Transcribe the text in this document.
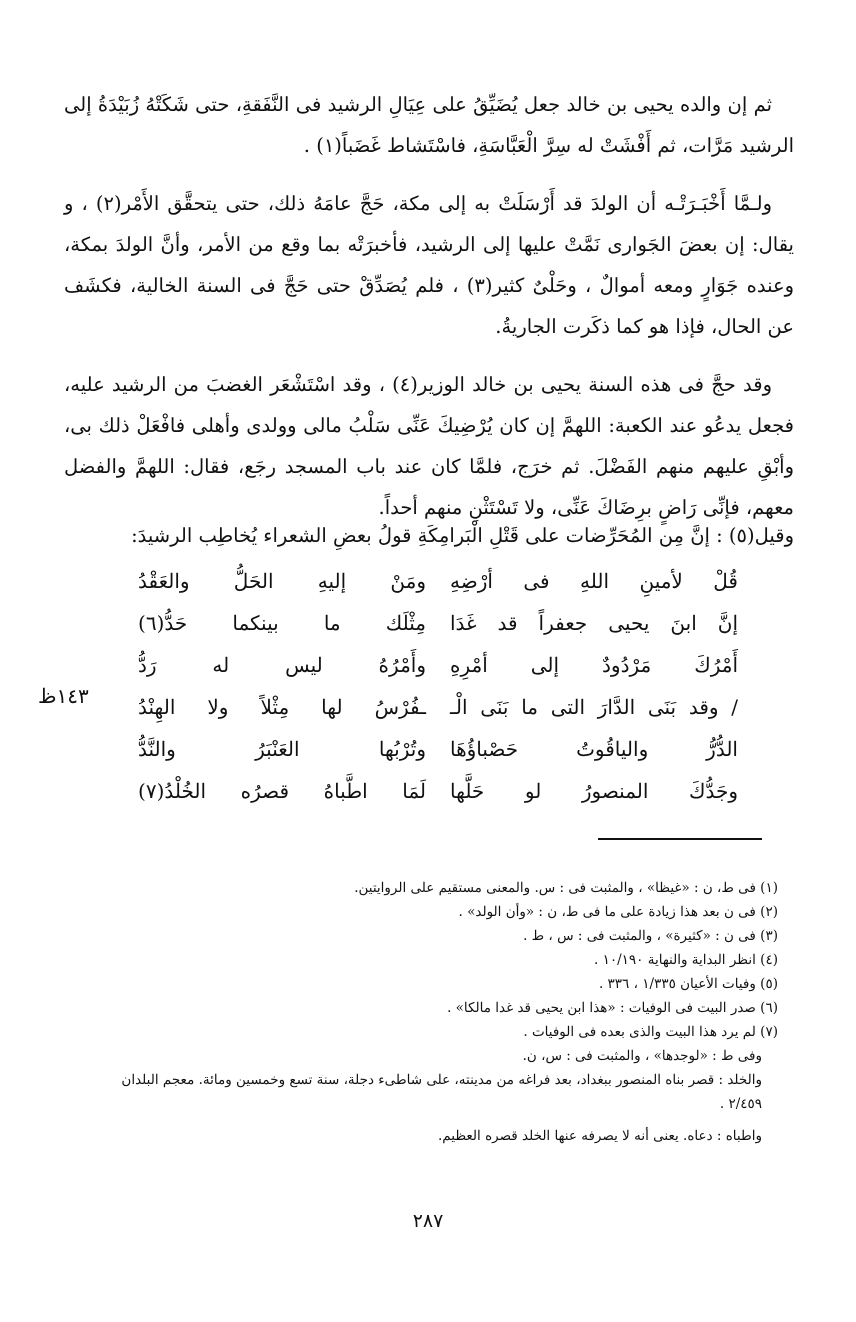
ثم إن والده يحيى بن خالد جعل يُضَيِّقُ على عِيَالِ الرشيد فى النَّفَقةِ، حتى شَكَتْهُ زُبَيْدَةُ إلى الرشيد مَرَّات، ثم أَفْشَتْ له سِرَّ الْعَبَّاسَةِ، فاسْتَشاط غَضَباً(١) .

ولـمَّا أَخْبَـرَتْـه أن الولدَ قد أَرْسَلَتْ به إلى مكة، حَجَّ عامَهُ ذلك، حتى يتحقَّق الأَمْر(٢) ، و يقال: إن بعضَ الجَوارى نَمَّتْ عليها إلى الرشيد، فأخبرَتْه بما وقع من الأمر، وأنَّ الولدَ بمكة، وعنده جَوَارٍ ومعه أموالٌ ، وحَلْىٌ كثير(٣) ، فلم يُصَدِّقْ حتى حَجَّ فى السنة الخالية، فكشَف عن الحال، فإذا هو كما ذكَرت الجاريةُ.

وقد حجَّ فى هذه السنة يحيى بن خالد الوزير(٤) ، وقد اسْتَشْعَر الغضبَ من الرشيد عليه، فجعل يدعُو عند الكعبة: اللهمَّ إن كان يُرْضِيكَ عَنِّى سَلْبُ مالى وولدى وأهلى فافْعَلْ ذلك بى، وأبْقِ عليهم منهم الفَضْلَ. ثم خرَج، فلمَّا كان عند باب المسجد رجَع، فقال: اللهمَّ والفضل معهم، فإنِّى رَاضٍ برِضَاكَ عَنِّى، ولا تَسْتَثْنِ منهم أحداً.

وقيل(٥) : إنَّ مِن المُحَرِّضات على قَتْلِ الْبَرامِكَةِ قولُ بعضِ الشعراء يُخاطِب الرشيدَ:
قُلْ لأمينِ اللهِ فى أرْضِهِ
ومَنْ إليهِ الحَلُّ والعَقْدُ
إنَّ ابنَ يحيى جعفراً قد غَدَا
مِثْلَك ما بينكما حَدُّ(٦)
أَمْرُكَ مَرْدُودٌ إلى أمْرِهِ
وأَمْرُهُ ليس له رَدُّ
/ وقد بَنَى الدَّارَ التى ما بَنَى الْـ
ـفُرْسُ لها مِثْلاً ولا الهِنْدُ
الدُّرُّ والياقُوتُ حَصْباؤُهَا
وتُرْبُها العَنْبَرُ والنَّدُّ
وجَدُّكَ المنصورُ لو حَلَّها
لَمَا اطَّباهُ قصرُه الخُلْدُ(٧)
١٤٣ظ
(١) فى ط، ن : «غيظا» ، والمثبت فى : س. والمعنى مستقيم على الروايتين.
(٢) فى ن بعد هذا زيادة على ما فى ط، ن : «وأن الولد» .
(٣) فى ن : «كثيرة» ، والمثبت فى : س ، ط .
(٤) انظر البداية والنهاية ١٠/١٩٠ .
(٥) وفيات الأعيان ١/٣٣٥ ، ٣٣٦ .
(٦) صدر البيت فى الوفيات : «هذا ابن يحيى قد غدا مالكا» .
(٧) لم يرد هذا البيت والذى بعده فى الوفيات .
وفى ط : «لوجدها» ، والمثبت فى : س، ن.
والخلد : قصر بناه المنصور ببغداد، بعد فراغه من مدينته، على شاطىء دجلة، سنة تسع وخمسين ومائة. معجم البلدان ٢/٤٥٩ .
واطباه : دعاه. يعنى أنه لا يصرفه عنها الخلد قصره العظيم.
٢٨٧
